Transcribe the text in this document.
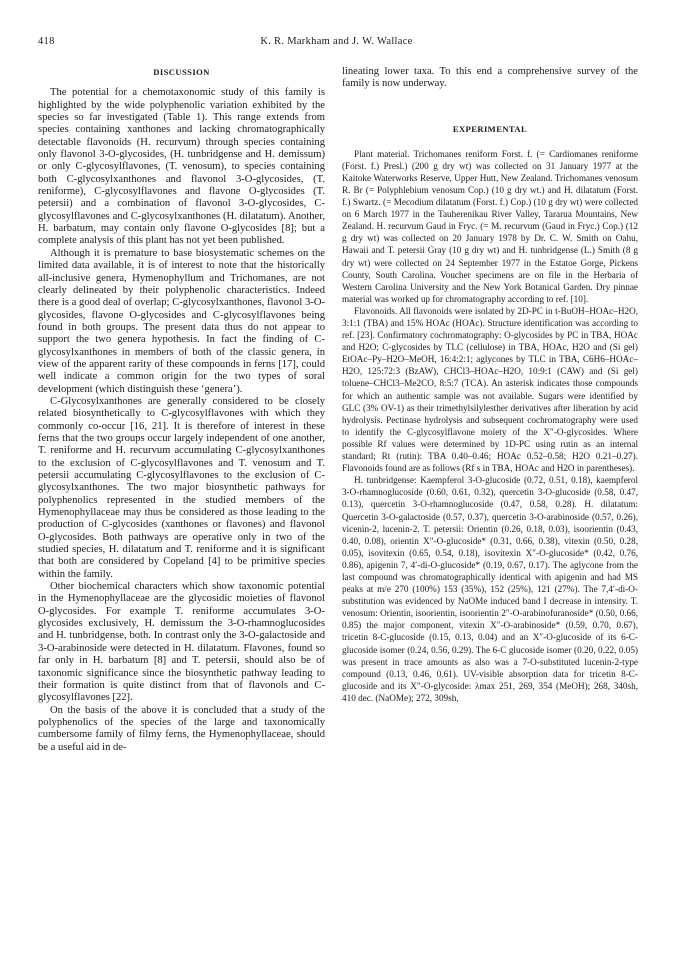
418	K. R. Markham and J. W. Wallace
DISCUSSION

The potential for a chemotaxonomic study of this family is highlighted by the wide polyphenolic variation exhibited by the species so far investigated (Table 1). This range extends from species containing xanthones and lacking chromatographically detectable flavonoids (H. recurvum) through species containing only flavonol 3-O-glycosides, (H. tunbridgense and H. demissum) or only C-glycosylflavones, (T. venosum), to species containing both C-glycosylxanthones and flavonol 3-O-glycosides, (T. reniforme), C-glycosylflavones and flavone O-glycosides (T. petersii) and a combination of flavonol 3-O-glycosides, C-glycosylflavones and C-glycosylxanthones (H. dilatatum). Another, H. barbatum, may contain only flavone O-glycosides [8]; but a complete analysis of this plant has not yet been published.

Although it is premature to base biosystematic schemes on the limited data available, it is of interest to note that the historically all-inclusive genera, Hymenophyllum and Trichomanes, are not clearly delineated by their polyphenolic characteristics. Indeed there is a good deal of overlap; C-glycosylxanthones, flavonol 3-O-glycosides, flavone O-glycosides and C-glycosylflavones being found in both groups. The present data thus do not appear to support the two genera hypothesis. In fact the finding of C-glycosylxanthones in members of both of the classic genera, in view of the apparent rarity of these compounds in ferns [17], could well indicate a common origin for the two types of soral development (which distinguish these ‘genera’).

C-Glycosylxanthones are generally considered to be closely related biosynthetically to C-glycosylflavones with which they commonly co-occur [16, 21]. It is therefore of interest in these ferns that the two groups occur largely independent of one another, T. reniforme and H. recurvum accumulating C-glycosylxanthones to the exclusion of C-glycosylflavones and T. venosum and T. petersii accumulating C-glycosylflavones to the exclusion of C-glycosylxanthones. The two major biosynthetic pathways for polyphenolics represented in the studied members of the Hymenophyllaceae may thus be considered as those leading to the production of C-glycosides (xanthones or flavones) and flavonol O-glycosides. Both pathways are operative only in two of the studied species, H. dilatatum and T. reniforme and it is significant that both are considered by Copeland [4] to be primitive species within the family.

Other biochemical characters which show taxonomic potential in the Hymenophyllaceae are the glycosidic moieties of flavonol O-glycosides. For example T. reniforme accumulates 3-O-glycosides exclusively, H. demissum the 3-O-rhamnoglucosides and H. tunbridgense, both. In contrast only the 3-O-galactoside and 3-O-arabinoside were detected in H. dilatatum. Flavones, found so far only in H. barbatum [8] and T. petersii, should also be of taxonomic significance since the biosynthetic pathway leading to their formation is quite distinct from that of flavonols and C-glycosylflavones [22].

On the basis of the above it is concluded that a study of the polyphenolics of the species of the large and taxonomically cumbersome family of filmy ferns, the Hymenophyllaceae, should be a useful aid in de-

lineating lower taxa. To this end a comprehensive survey of the family is now underway.

EXPERIMENTAL

Plant material. Trichomanes reniform Forst. f. (= Cardiomanes reniforme (Forst. f.) Presl.) (200 g dry wt) was collected on 31 January 1977 at the Kaitoke Waterworks Reserve, Upper Hutt, New Zealand. Trichomanes venosum R. Br (= Polyphlebium venosum Cop.) (10 g dry wt.) and H. dilatatum (Forst. f.) Swartz. (= Mecodium dilatatum (Forst. f.) Cop.) (10 g dry wt) were collected on 6 March 1977 in the Tauherenikau River Valley, Tararua Mountains, New Zealand. H. recurvum Gaud in Fryc. (= M. recurvum (Gaud in Fryc.) Cop.) (12 g dry wt) was collected on 20 January 1978 by Dr. C. W. Smith on Oahu, Hawaii and T. petersii Gray (10 g dry wt) and H. tunbridgense (L.) Smith (8 g dry wt) were collected on 24 September 1977 in the Estatoe Gorge, Pickens County, South Carolina. Voucher specimens are on file in the Herbaria of Western Carolina University and the New York Botanical Garden. Dry pinnae material was worked up for chromatography according to ref. [10].

Flavonoids. All flavonoids were isolated by 2D-PC in t-BuOH–HOAc–H2O, 3:1:1 (TBA) and 15% HOAc (HOAc). Structure identification was according to ref. [23]. Confirmatory cochromatography: O-glycosides by PC in TBA, HOAc and H2O; C-glycosides by TLC (cellulose) in TBA, HOAc, H2O and (Si gel) EtOAc–Py–H2O–MeOH, 16:4:2:1; aglycones by TLC in TBA, C6H6–HOAc–H2O, 125:72:3 (BzAW), CHCl3–HOAc–H2O, 10:9:1 (CAW) and (Si gel) toluene–CHCl3–Me2CO, 8:5:7 (TCA). An asterisk indicates those compounds for which an authentic sample was not available. Sugars were identified by GLC (3% OV-1) as their trimethylsilylesther derivatives after liberation by acid hydrolysis. Pectinase hydrolysis and subsequent cochromatography were used to identify the C-glycosylflavone moiety of the X″-O-glycosides. Where possible Rf values were determined by 1D-PC using rutin as an internal standard; Rt (rutin): TBA 0.40–0.46; HOAc 0.52–0.58; H2O 0.21–0.27). Flavonoids found are as follows (Rf s in TBA, HOAc and H2O in parentheses).

H. tunbridgense: Kaempferol 3-O-glucoside (0.72, 0.51, 0.18), kaempferol 3-O-rhamnoglucoside (0.60, 0.61, 0.32), quercetin 3-O-glucoside (0.58, 0.47, 0.13), quercetin 3-O-rhamnoglucoside (0.47, 0.58, 0.28). H. dilatatum: Quercetin 3-O-galactoside (0.57, 0.37), quercetin 3-O-arabinoside (0.57, 0.26), vicenin-2, lucenin-2. T. petersii: Orientin (0.26, 0.18, 0.03), isoorientin (0.43, 0.40, 0.08), orientin X″-O-glucoside* (0.31, 0.66, 0.38), vitexin (0.50, 0.28, 0.05), isovitexin (0.65, 0.54, 0.18), isovitexin X″-O-glucoside* (0.42, 0.76, 0.86), apigenin 7, 4′-di-O-glucoside* (0.19, 0.67, 0.17). The aglycone from the last compound was chromatographically identical with apigenin and had MS peaks at m/e 270 (100%) 153 (35%), 152 (25%), 121 (27%). The 7,4′-di-O-substitution was evidenced by NaOMe induced band I decrease in intensity. T. venosum: Orientin, isoorientin, isoorientin 2″-O-arabinofuranoside* (0.50, 0.66, 0.85) the major component, vitexin X″-O-arabinoside* (0.59, 0.70, 0.67), tricetin 8-C-glucoside (0.15, 0.13, 0.04) and an X″-O-glucoside of its 6-C-glucoside isomer (0.24, 0.56, 0.29). The 6-C glucoside isomer (0.20, 0.22, 0.05) was present in trace amounts as also was a 7-O-substituted lucenin-2-type compound (0.13, 0.46, 0.61). UV-visible absorption data for tricetin 8-C-glucoside and its X″-O-glycoside: λmax 251, 269, 354 (MeOH); 268, 340sh, 410 dec. (NaOMe); 272, 309sh,
